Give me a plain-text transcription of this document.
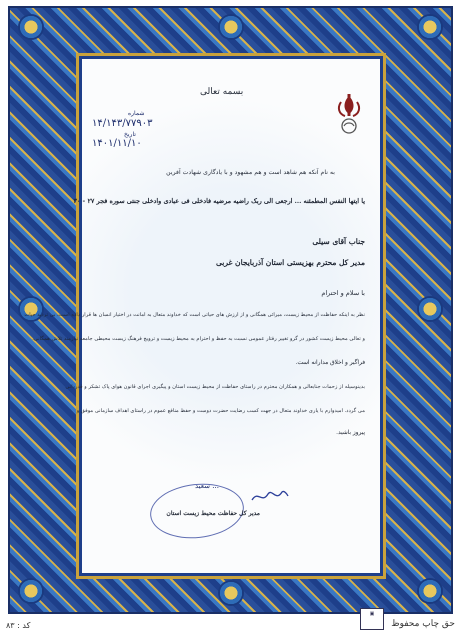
بسمه تعالی
شماره
۱۴/۱۴۳/۷۷۹۰۳
تاریخ
۱۴۰۱/۱۱/۱۰
به نام آنکه هم شاهد است و هم مشهود و با یادگاری شهادت آفرین
یا ایتها النفس المطمئنه ... ارجعی الی ربک راضیه مرضیه فادخلی فی عبادی وادخلی جنتی سوره فجر ۲۷ - ۳۰
جناب آقای سیلی
مدیر کل محترم بهزیستی استان آذربایجان غربی
با سلام و احترام
نظر به اینکه حفاظت از محیط زیست، میراثی همگانی و از ارزش های حیاتی است که خداوند متعال به امانت در اختیار انسان ها قرار داده است، بی تردید حیات
و تعالی محیط زیست کشور در گرو تغییر رفتار عمومی نسبت به حفظ و احترام به محیط زیست و ترویج فرهنگ زیست محیطی جامعه نیازمند تلاش همگانی،
فراگیر و اخلاق مدارانه است.
بدینوسیله از زحمات جنابعالی و همکاران محترم در راستای حفاظت از محیط زیست استان و پیگیری اجرای قانون هوای پاک تشکر و قدردانی
می گردد. امیدوارم با یاری خداوند متعال در جهت کسب رضایت حضرت دوست و حفظ منافع عموم در راستای اهداف سازمانی موفق و
پیروز باشید.
سعید ...
مدیر کل حفاظت محیط زیست استان
▣
کد : ۸۳	حق چاپ محفوظ
